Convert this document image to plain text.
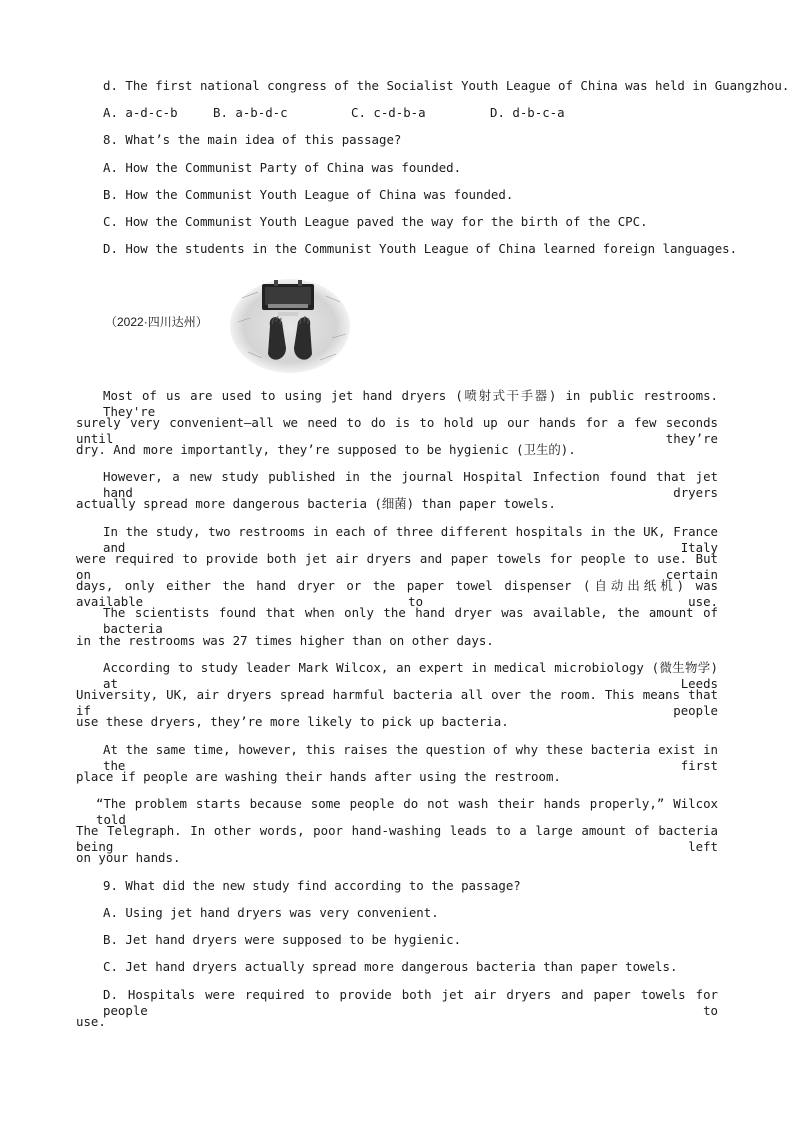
d. The first national congress of the Socialist Youth League of China was held in Guangzhou.
A. a-d-c-b	B. a-b-d-c	C. c-d-b-a	D. d-b-c-a
8. What’s the main idea of this passage?
A. How the Communist Party of China was founded.
B. How the Communist Youth League of China was founded.
C. How the Communist Youth League paved the way for the birth of the CPC.
D. How the students in the Communist Youth League of China learned foreign languages.
（2022·四川达州）
Most of us are used to using jet hand dryers (喷射式干手器) in public restrooms. They're
surely very convenient—all we need to do is to hold up our hands for a few seconds until they’re
dry. And more importantly, they’re supposed to be hygienic (卫生的).
However, a new study published in the journal Hospital Infection found that jet hand dryers
actually spread more dangerous bacteria (细菌) than paper towels.
In the study, two restrooms in each of three different hospitals in the UK, France and Italy
were required to provide both jet air dryers and paper towels for people to use. But on certain
days, only either the hand dryer or the paper towel dispenser (自动出纸机) was available to use.
The scientists found that when only the hand dryer was available, the amount of bacteria
in the restrooms was 27 times higher than on other days.
According to study leader Mark Wilcox, an expert in medical microbiology (微生物学) at Leeds
University, UK, air dryers spread harmful bacteria all over the room. This means that if people
use these dryers, they’re more likely to pick up bacteria.
At the same time, however, this raises the question of why these bacteria exist in the first
place if people are washing their hands after using the restroom.
“The problem starts because some people do not wash their hands properly,” Wilcox told
The Telegraph. In other words, poor hand-washing leads to a large amount of bacteria being left
on your hands.
9. What did the new study find according to the passage?
A. Using jet hand dryers was very convenient.
B. Jet hand dryers were supposed to be hygienic.
C. Jet hand dryers actually spread more dangerous bacteria than paper towels.
D. Hospitals were required to provide both jet air dryers and paper towels for people to
use.
